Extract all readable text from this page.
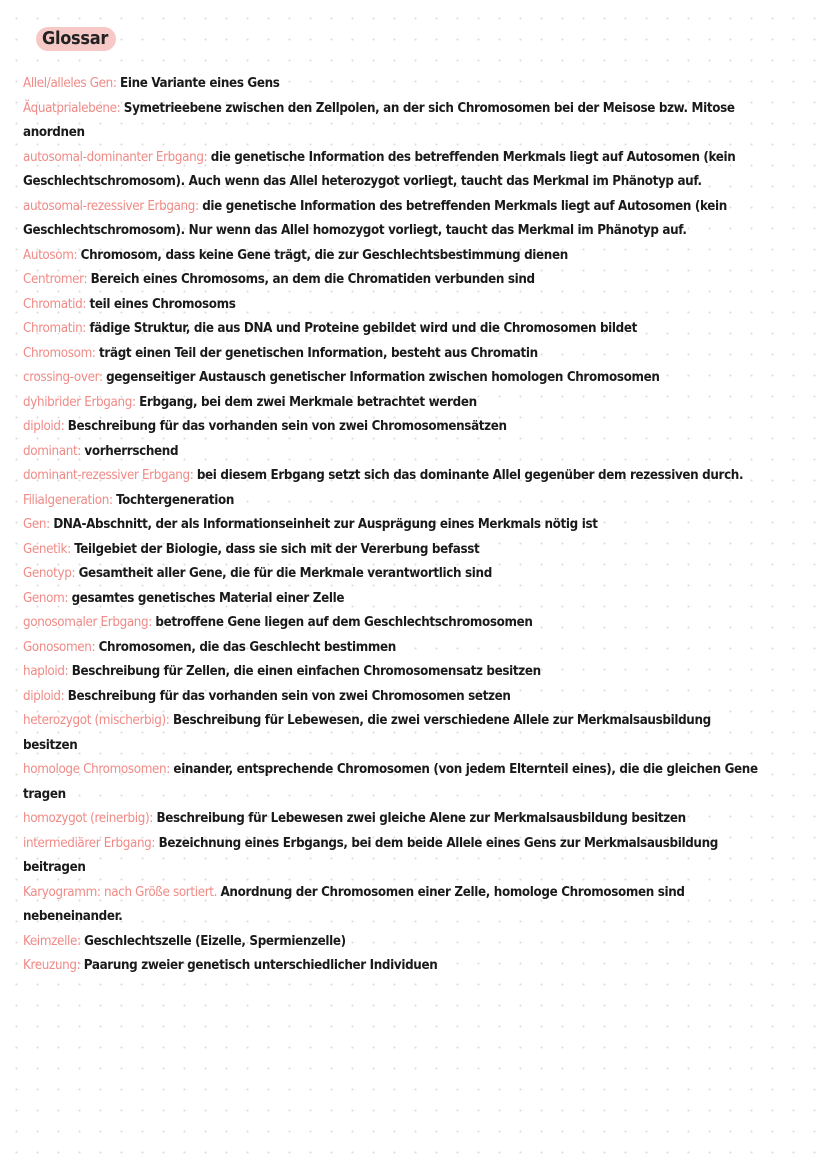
Glossar

Allel/alleles Gen: Eine Variante eines Gens

Äquatprialebene: Symetrieebene zwischen den Zellpolen, an der sich Chromosomen bei der Meisose bzw. Mitose anordnen

autosomal-dominanter Erbgang: die genetische Information des betreffenden Merkmals liegt auf Autosomen (kein Geschlechtschromosom). Auch wenn das Allel heterozygot vorliegt, taucht das Merkmal im Phänotyp auf.

autosomal-rezessiver Erbgang: die genetische Information des betreffenden Merkmals liegt auf Autosomen (kein Geschlechtschromosom). Nur wenn das Allel homozygot vorliegt, taucht das Merkmal im Phänotyp auf.

Autosom: Chromosom, dass keine Gene trägt, die zur Geschlechtsbestimmung dienen

Centromer: Bereich eines Chromosoms, an dem die Chromatiden verbunden sind

Chromatid: teil eines Chromosoms

Chromatin: fädige Struktur, die aus DNA und Proteine gebildet wird und die Chromosomen bildet

Chromosom: trägt einen Teil der genetischen Information, besteht aus Chromatin

crossing-over: gegenseitiger Austausch genetischer Information zwischen homologen Chromosomen

dyhibrider Erbgang: Erbgang, bei dem zwei Merkmale betrachtet werden

diploid: Beschreibung für das vorhanden sein von zwei Chromosomensätzen

dominant: vorherrschend

dominant-rezessiver Erbgang: bei diesem Erbgang setzt sich das dominante Allel gegenüber dem rezessiven durch.

Filialgeneration: Tochtergeneration

Gen: DNA-Abschnitt, der als Informationseinheit zur Ausprägung eines Merkmals nötig ist

Genetik: Teilgebiet der Biologie, dass sie sich mit der Vererbung befasst

Genotyp: Gesamtheit aller Gene, die für die Merkmale verantwortlich sind

Genom: gesamtes genetisches Material einer Zelle

gonosomaler Erbgang: betroffene Gene liegen auf dem Geschlechtschromosomen

Gonosomen: Chromosomen, die das Geschlecht bestimmen

haploid: Beschreibung für Zellen, die einen einfachen Chromosomensatz besitzen

diploid: Beschreibung für das vorhanden sein von zwei Chromosomen setzen

heterozygot (mischerbig): Beschreibung für Lebewesen, die zwei verschiedene Allele zur Merkmalsausbildung besitzen

homologe Chromosomen: einander, entsprechende Chromosomen (von jedem Elternteil eines), die die gleichen Gene tragen

homozygot (reinerbig): Beschreibung für Lebewesen zwei gleiche Alene zur Merkmalsausbildung besitzen

intermediärer Erbgang: Bezeichnung eines Erbgangs, bei dem beide Allele eines Gens zur Merkmalsausbildung beitragen

Karyogramm: nach Größe sortiert. Anordnung der Chromosomen einer Zelle, homologe Chromosomen sind nebeneinander.

Keimzelle: Geschlechtszelle (Eizelle, Spermienzelle)

Kreuzung: Paarung zweier genetisch unterschiedlicher Individuen
